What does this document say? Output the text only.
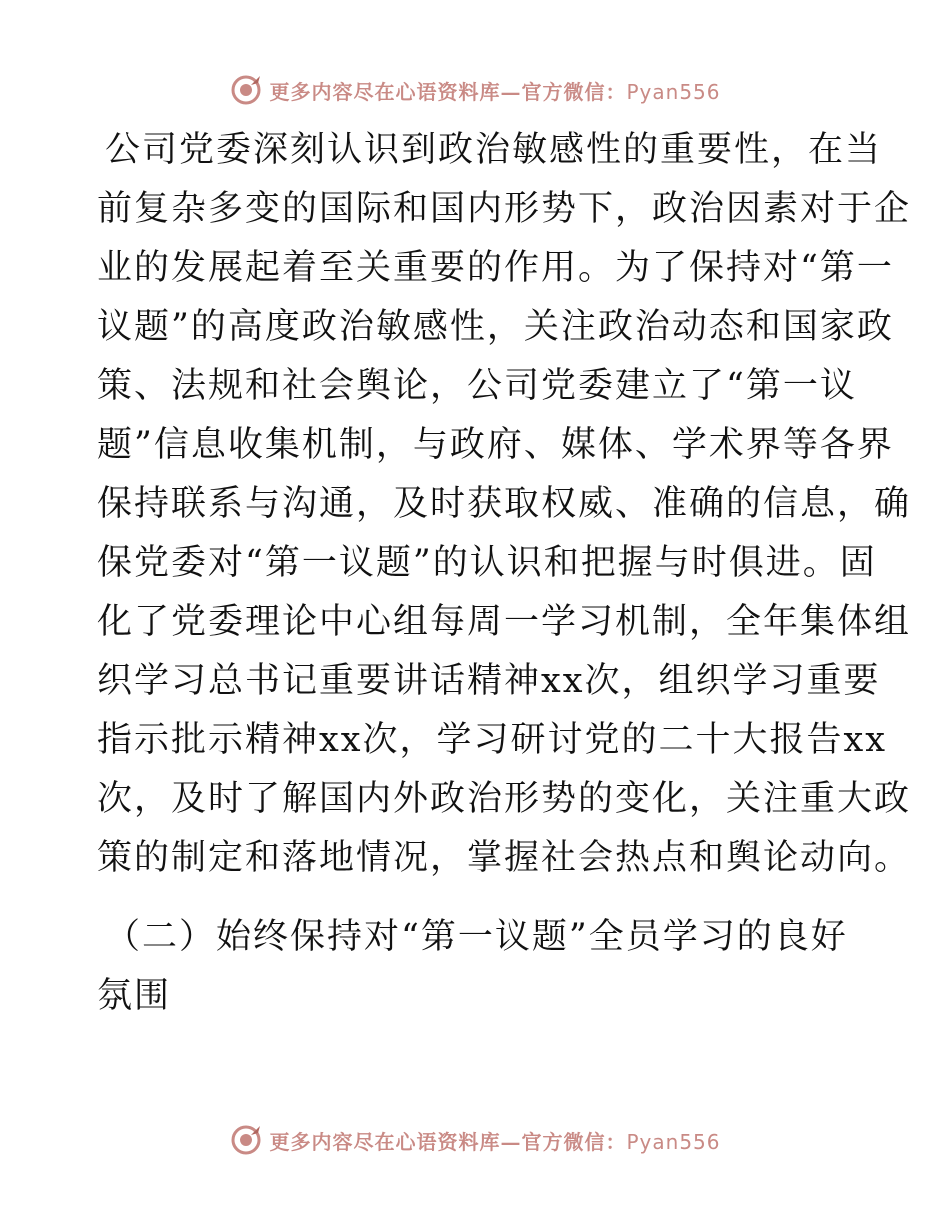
更多内容尽在心语资料库—官方微信：Pyan556
公司党委深刻认识到政治敏感性的重要性，在当
前复杂多变的国际和国内形势下，政治因素对于企
业的发展起着至关重要的作用。为了保持对“第一
议题”的高度政治敏感性，关注政治动态和国家政
策、法规和社会舆论，公司党委建立了“第一议
题”信息收集机制，与政府、媒体、学术界等各界
保持联系与沟通，及时获取权威、准确的信息，确
保党委对“第一议题”的认识和把握与时俱进。固
化了党委理论中心组每周一学习机制，全年集体组
织学习总书记重要讲话精神xx次，组织学习重要
指示批示精神xx次，学习研讨党的二十大报告xx
次，及时了解国内外政治形势的变化，关注重大政
策的制定和落地情况，掌握社会热点和舆论动向。
（二）始终保持对“第一议题”全员学习的良好
氛围
更多内容尽在心语资料库—官方微信：Pyan556
